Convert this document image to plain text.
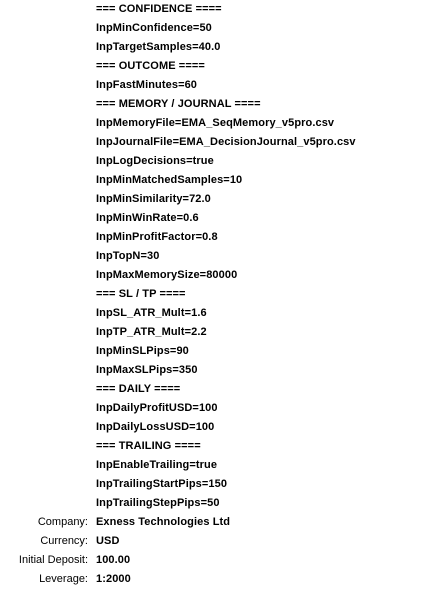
=== CONFIDENCE ====
InpMinConfidence=50
InpTargetSamples=40.0
=== OUTCOME ====
InpFastMinutes=60
=== MEMORY / JOURNAL ====
InpMemoryFile=EMA_SeqMemory_v5pro.csv
InpJournalFile=EMA_DecisionJournal_v5pro.csv
InpLogDecisions=true
InpMinMatchedSamples=10
InpMinSimilarity=72.0
InpMinWinRate=0.6
InpMinProfitFactor=0.8
InpTopN=30
InpMaxMemorySize=80000
=== SL / TP ====
InpSL_ATR_Mult=1.6
InpTP_ATR_Mult=2.2
InpMinSLPips=90
InpMaxSLPips=350
=== DAILY ====
InpDailyProfitUSD=100
InpDailyLossUSD=100
=== TRAILING ====
InpEnableTrailing=true
InpTrailingStartPips=150
InpTrailingStepPips=50
Company: Exness Technologies Ltd
Currency: USD
Initial Deposit: 100.00
Leverage: 1:2000
